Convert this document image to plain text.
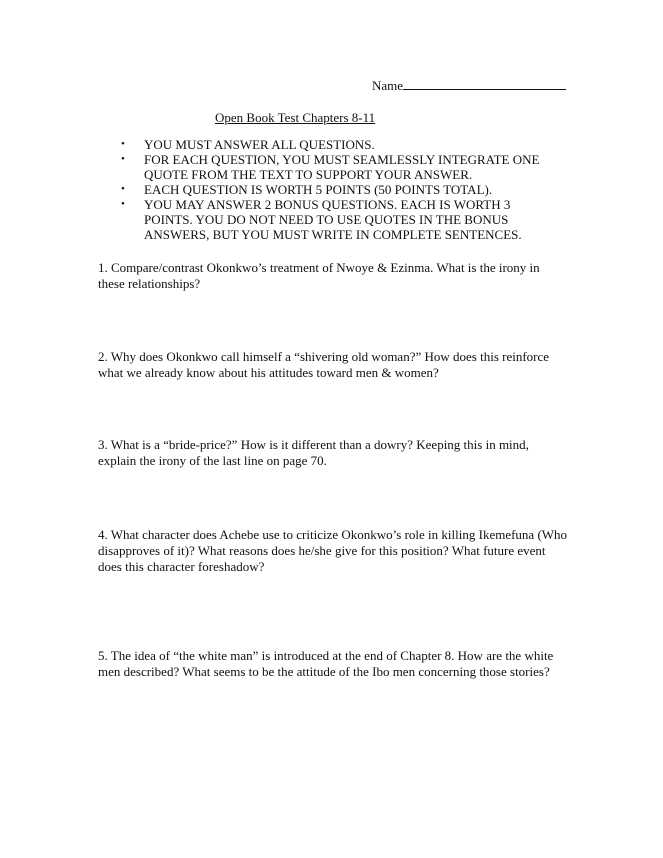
Name
Open Book Test Chapters 8-11
• YOU MUST ANSWER ALL QUESTIONS.
• FOR EACH QUESTION, YOU MUST SEAMLESSLY INTEGRATE ONE QUOTE FROM THE TEXT TO SUPPORT YOUR ANSWER.
• EACH QUESTION IS WORTH 5 POINTS (50 POINTS TOTAL).
• YOU MAY ANSWER 2 BONUS QUESTIONS. EACH IS WORTH 3 POINTS. YOU DO NOT NEED TO USE QUOTES IN THE BONUS ANSWERS, BUT YOU MUST WRITE IN COMPLETE SENTENCES.

1. Compare/contrast Okonkwo’s treatment of Nwoye & Ezinma. What is the irony in these relationships?

2. Why does Okonkwo call himself a “shivering old woman?” How does this reinforce what we already know about his attitudes toward men & women?

3. What is a “bride-price?” How is it different than a dowry? Keeping this in mind, explain the irony of the last line on page 70.

4. What character does Achebe use to criticize Okonkwo’s role in killing Ikemefuna (Who disapproves of it)? What reasons does he/she give for this position? What future event does this character foreshadow?

5. The idea of “the white man” is introduced at the end of Chapter 8. How are the white men described? What seems to be the attitude of the Ibo men concerning those stories?
